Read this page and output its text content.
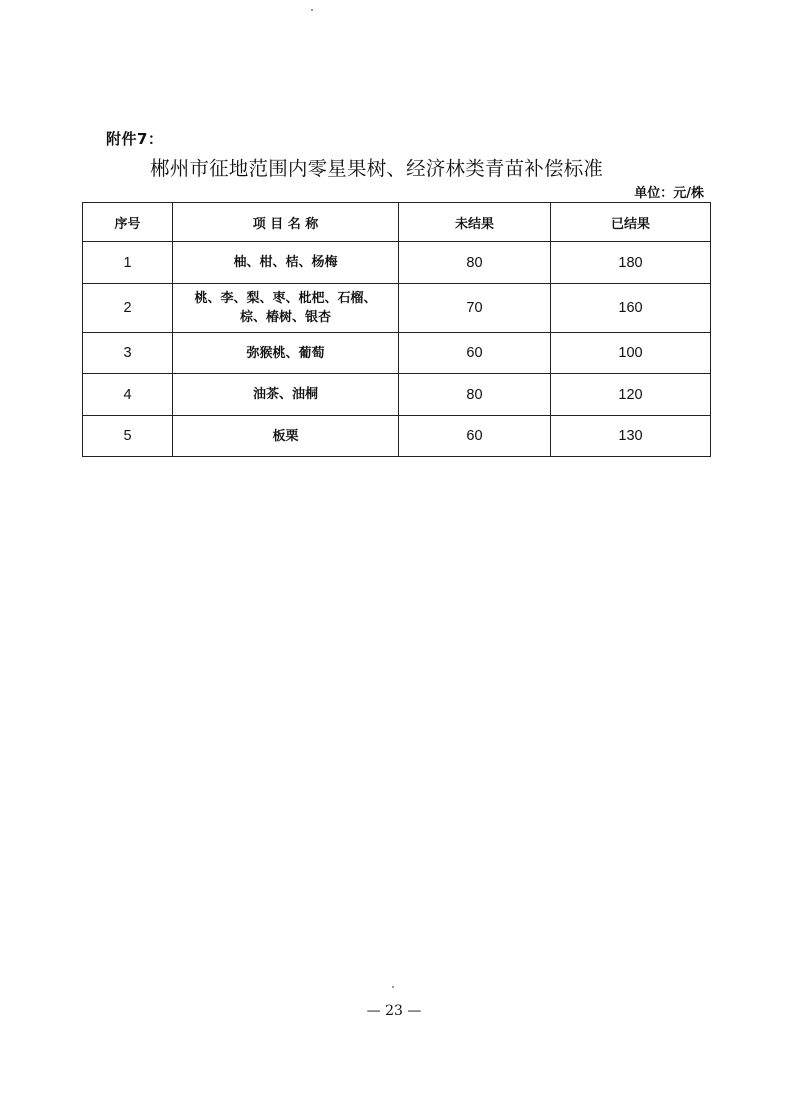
附件7：
郴州市征地范围内零星果树、经济林类青苗补偿标准
单位：元/株
序号	项 目 名 称	未结果	已结果
1	柚、柑、桔、杨梅	80	180
2	桃、李、梨、枣、枇杷、石榴、
棕、椿树、银杏	70	160
3	弥猴桃、葡萄	60	100
4	油茶、油桐	80	120
5	板栗	60	130
— 23 —
